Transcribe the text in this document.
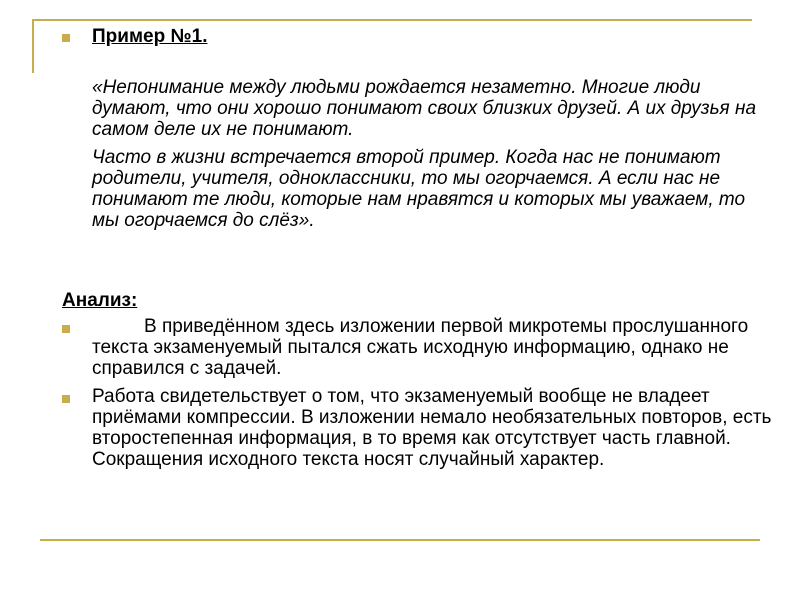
Пример №1.

«Непонимание между людьми рождается незаметно. Многие люди думают, что они хорошо понимают своих близких друзей. А их друзья на самом деле их не понимают.

Часто в жизни встречается второй пример. Когда нас не понимают родители, учителя, одноклассники, то мы огорчаемся. А если нас не понимают те люди, которые нам нравятся и которых мы уважаем, то мы огорчаемся до слёз».

Анализ:

В приведённом здесь изложении первой микротемы прослушанного текста экзаменуемый пытался сжать исходную информацию, однако не справился с задачей.

Работа свидетельствует о том, что экзаменуемый вообще не владеет приёмами компрессии. В изложении немало необязательных повторов, есть второстепенная информация, в то время как отсутствует часть главной. Сокращения исходного текста носят случайный характер.
